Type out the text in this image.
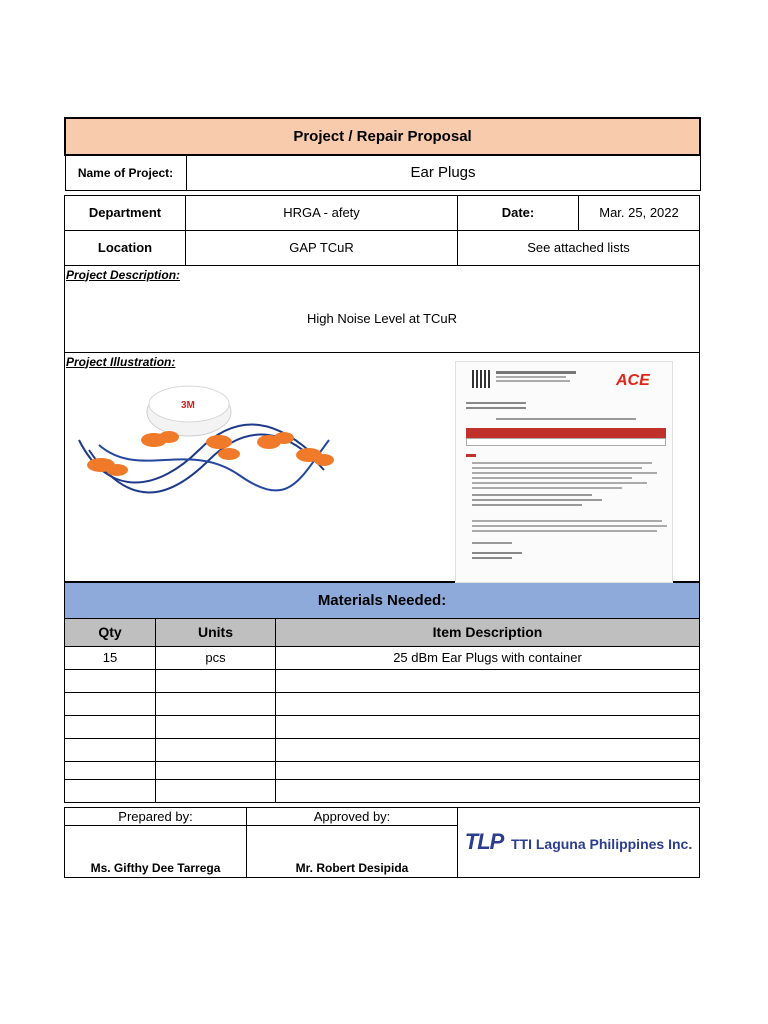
Project / Repair Proposal
Name of Project:	Ear Plugs
Department	HRGA - afety	Date:	Mar. 25, 2022
Location	GAP TCuR	See attached lists	

Project Description:
High Noise Level at TCuR			

Project Illustration:
3M
ACE			
Materials Needed:		
Qty	Units	Item Description
15	pcs	25 dBm Ear Plugs with container

Prepared by:	Approved by:	TLP TTI Laguna Philippines Inc.
Ms. Gifthy Dee Tarrega	Mr. Robert Desipida	
